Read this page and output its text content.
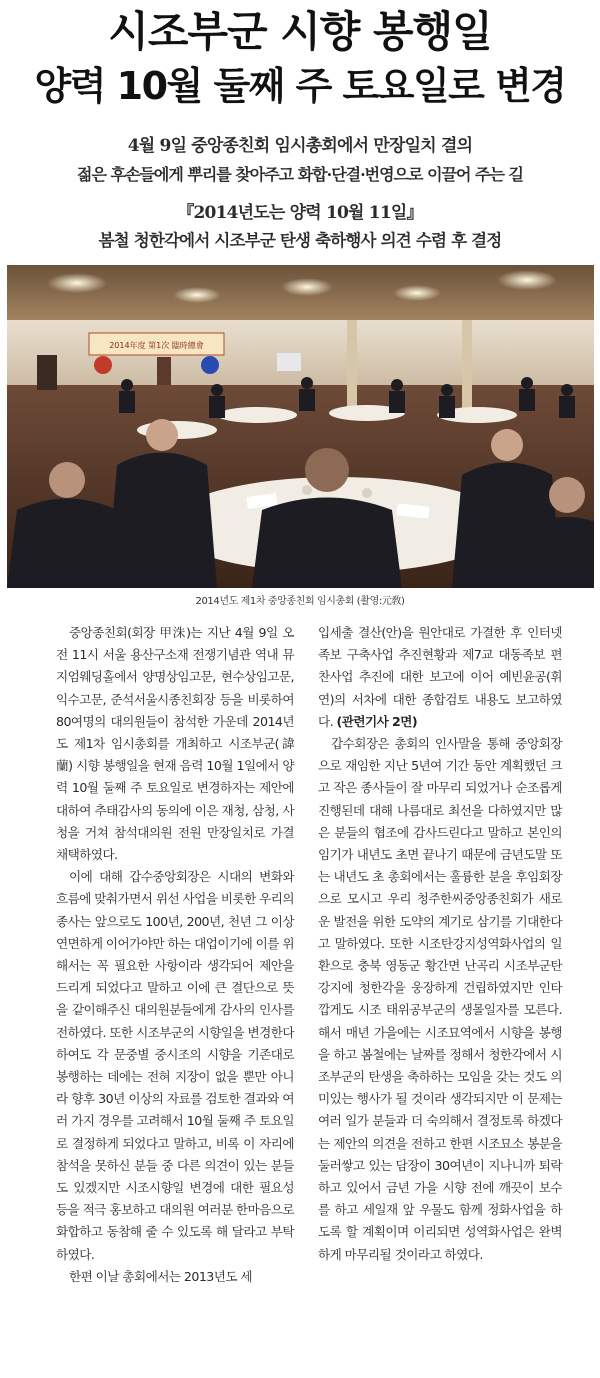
시조부군 시향 봉행일
양력 10월 둘째 주 토요일로 변경
4월 9일 중앙종친회 임시총회에서 만장일치 결의
젊은 후손들에게 뿌리를 찾아주고 화합·단결·번영으로 이끌어 주는 길
『2014년도는 양력 10월 11일』
봄철 청한각에서 시조부군 탄생 축하행사 의견 수렴 후 결정
2014年度 第1次 臨時總會
2014년도 제1차 중앙종친회 임시총회 (촬영:元敎)

중앙종친회(회장 甲洙)는 지난 4월 9일 오전 11시 서울 용산구소재 전쟁기념관 역내 뮤지엄웨딩홀에서 양명상임고문, 현수상임고문, 익수고문, 준석서울시종친회장 등을 비롯하여 80여명의 대의원들이 참석한 가운데 2014년도 제1차 임시총회를 개최하고 시조부군(諱 蘭) 시향 봉행일을 현재 음력 10월 1일에서 양력 10월 둘째 주 토요일로 변경하자는 제안에 대하여 추태감사의 동의에 이은 재청, 삼청, 사청을 거쳐 참석대의원 전원 만장일치로 가결 채택하였다.

이에 대해 갑수중앙회장은 시대의 변화와 흐름에 맞춰가면서 위선 사업을 비롯한 우리의 종사는 앞으로도 100년, 200년, 천년 그 이상 연면하게 이어가야만 하는 대업이기에 이를 위해서는 꼭 필요한 사항이라 생각되어 제안을 드리게 되었다고 말하고 이에 큰 결단으로 뜻을 같이해주신 대의원분들에게 감사의 인사를 전하였다. 또한 시조부군의 시향일을 변경한다하여도 각 문중별 중시조의 시향을 기존대로 봉행하는 데에는 전혀 지장이 없을 뿐만 아니라 향후 30년 이상의 자료를 검토한 결과와 여러 가지 경우를 고려해서 10월 둘째 주 토요일로 결정하게 되었다고 말하고, 비록 이 자리에 참석을 못하신 분들 중 다른 의견이 있는 분들도 있겠지만 시조시향일 변경에 대한 필요성 등을 적극 홍보하고 대의원 여러분 한마음으로 화합하고 동참해 줄 수 있도록 해 달라고 부탁하였다.

한편 이날 총회에서는 2013년도 세

입세출 결산(안)을 원안대로 가결한 후 인터넷족보 구축사업 추진현황과 제7교 대동족보 편찬사업 추진에 대한 보고에 이어 예빈윤공(휘 연)의 서차에 대한 종합검토 내용도 보고하였다. (관련기사 2면)

갑수회장은 총회의 인사말을 통해 중앙회장으로 재임한 지난 5년여 기간 동안 계획했던 크고 작은 종사들이 잘 마무리 되었거나 순조롭게 진행된데 대해 나름대로 최선을 다하였지만 많은 분들의 협조에 감사드린다고 말하고 본인의 임기가 내년도 초면 끝나기 때문에 금년도말 또는 내년도 초 총회에서는 훌륭한 분을 후임회장으로 모시고 우리 청주한씨중앙종친회가 새로운 발전을 위한 도약의 계기로 삼기를 기대한다고 말하였다. 또한 시조탄강지성역화사업의 일환으로 충북 영동군 황간면 난곡리 시조부군탄강지에 청한각을 웅장하게 건립하였지만 인타깝게도 시조 태위공부군의 생몰일자를 모른다. 해서 매년 가을에는 시조묘역에서 시향을 봉행을 하고 봄철에는 날짜를 정해서 청한각에서 시조부군의 탄생을 축하하는 모임을 갖는 것도 의미있는 행사가 될 것이라 생각되지만 이 문제는 여러 일가 분들과 더 숙의해서 결정토록 하겠다는 제안의 의견을 전하고 한편 시조묘소 봉분을 둘러쌓고 있는 담장이 30여년이 지나니까 퇴락하고 있어서 금년 가을 시향 전에 깨끗이 보수를 하고 세일재 앞 우물도 함께 정화사업을 하도록 할 계획이며 이리되면 성역화사업은 완벽하게 마무리될 것이라고 하였다.
